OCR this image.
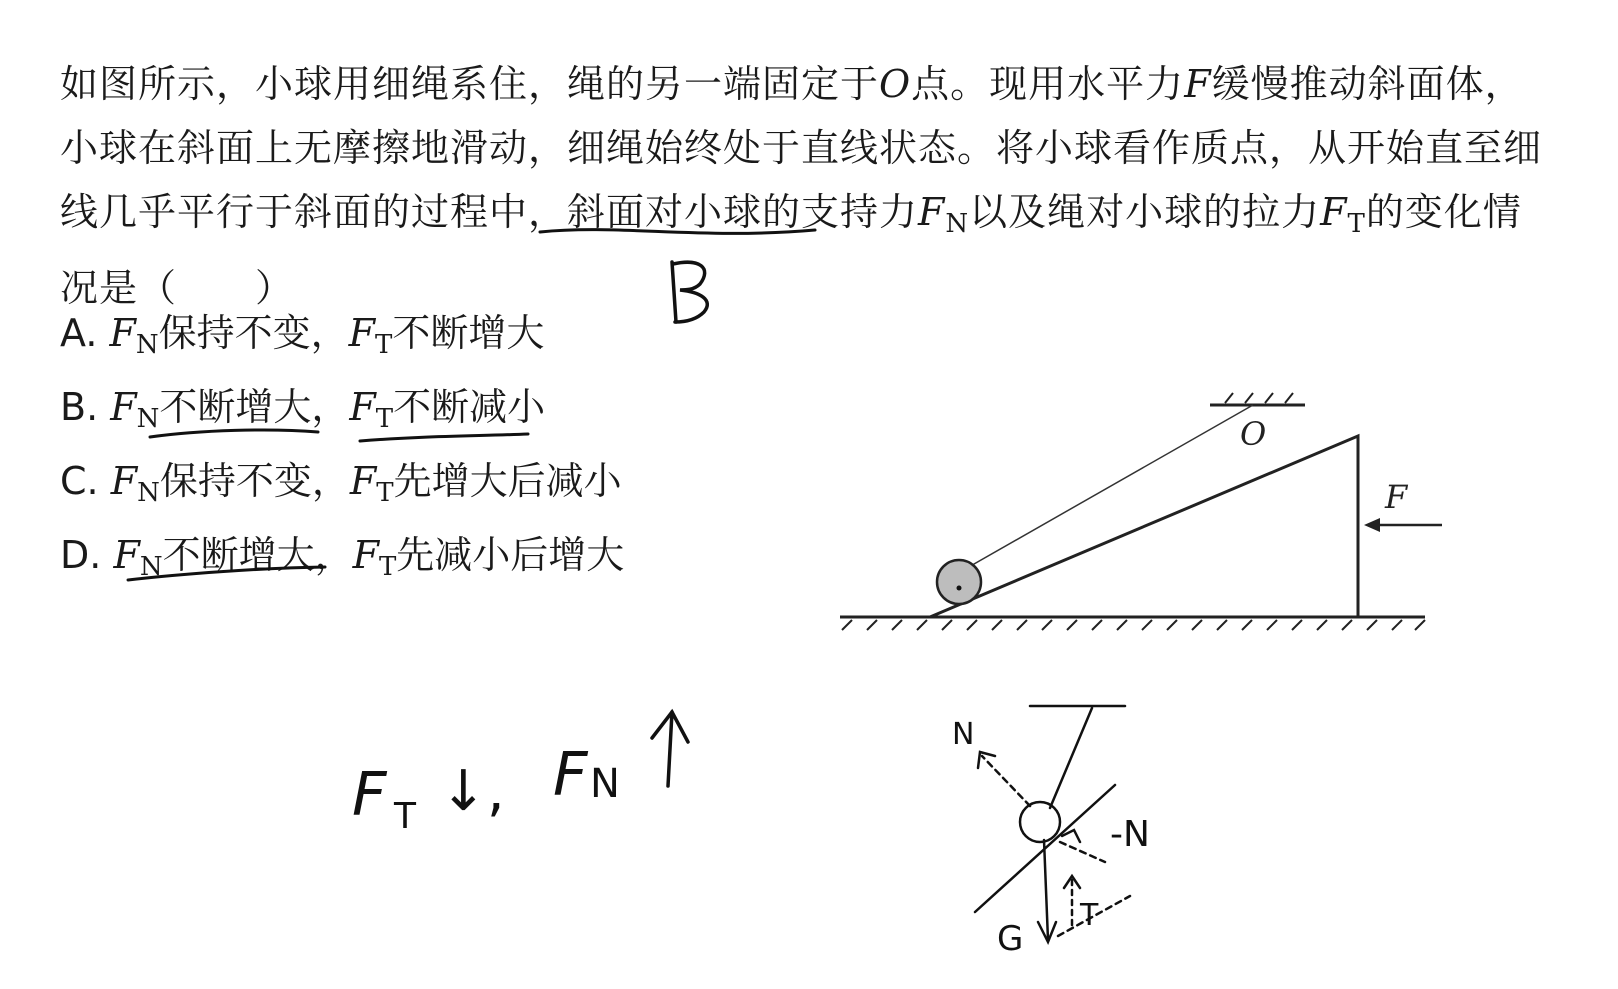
如图所示，小球用细绳系住，绳的另一端固定于O点。现用水平力F缓慢推动斜面体，小球在斜面上无摩擦地滑动，细绳始终处于直线状态。将小球看作质点，从开始直至细线几乎平行于斜面的过程中，斜面对小球的支持力$F_N$以及绳对小球的拉力$F_T$的变化情况是（　　）
A. $F_N$保持不变，$F_T$不断增大
B. $F_N$不断增大，$F_T$不断减小
C. $F_N$保持不变，$F_T$先增大后减小
D. $F_N$不断增大，$F_T$先减小后增大
O
F
F T ↓, F N
N
-N
T
G
